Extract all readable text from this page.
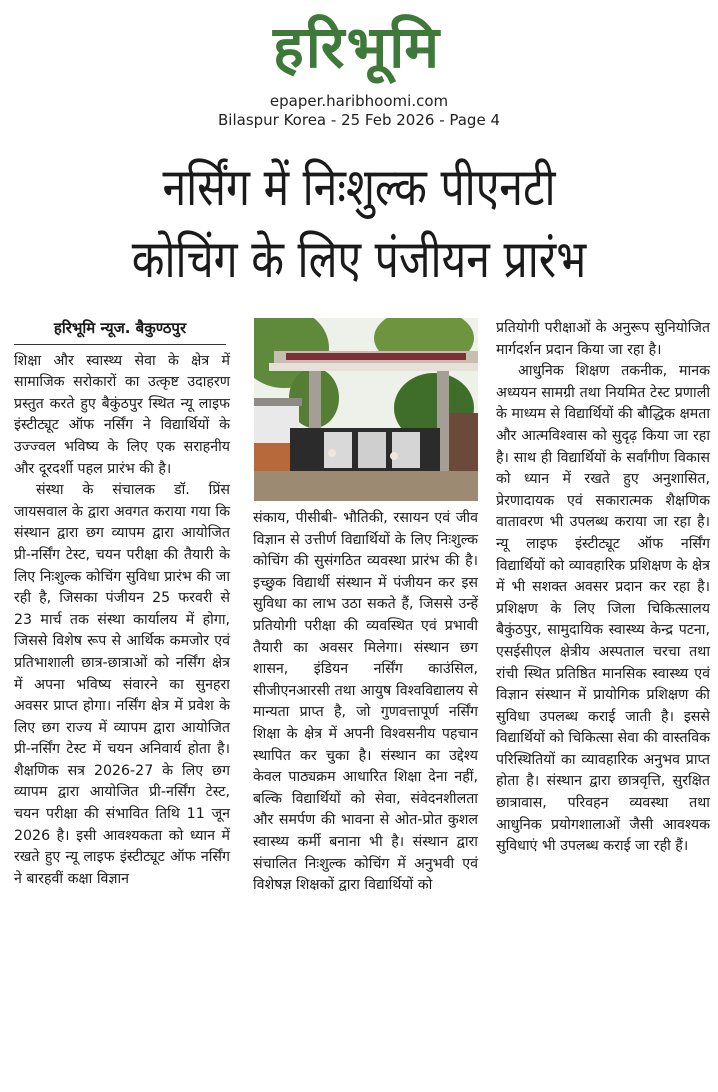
हरिभूमि
epaper.haribhoomi.com
Bilaspur Korea - 25 Feb 2026 - Page 4
नर्सिंग में निःशुल्क पीएनटी
कोचिंग के लिए पंजीयन प्रारंभ
हरिभूमि न्यूज. बैकुण्ठपुर

शिक्षा और स्वास्थ्य सेवा के क्षेत्र में सामाजिक सरोकारों का उत्कृष्ट उदाहरण प्रस्तुत करते हुए बैकुंठपुर स्थित न्यू लाइफ इंस्टीट्यूट ऑफ नर्सिंग ने विद्यार्थियों के उज्ज्वल भविष्य के लिए एक सराहनीय और दूरदर्शी पहल प्रारंभ की है।

संस्था के संचालक डॉ. प्रिंस जायसवाल के द्वारा अवगत कराया गया कि संस्थान द्वारा छग व्यापम द्वारा आयोजित प्री-नर्सिंग टेस्ट, चयन परीक्षा की तैयारी के लिए निःशुल्क कोचिंग सुविधा प्रारंभ की जा रही है, जिसका पंजीयन 25 फरवरी से 23 मार्च तक संस्था कार्यालय में होगा, जिससे विशेष रूप से आर्थिक कमजोर एवं प्रतिभाशाली छात्र-छात्राओं को नर्सिंग क्षेत्र में अपना भविष्य संवारने का सुनहरा अवसर प्राप्त होगा। नर्सिंग क्षेत्र में प्रवेश के लिए छग राज्य में व्यापम द्वारा आयोजित प्री-नर्सिंग टेस्ट में चयन अनिवार्य होता है। शैक्षणिक सत्र 2026-27 के लिए छग व्यापम द्वारा आयोजित प्री-नर्सिंग टेस्ट, चयन परीक्षा की संभावित तिथि 11 जून 2026 है। इसी आवश्यकता को ध्यान में रखते हुए न्यू लाइफ इंस्टीट्यूट ऑफ नर्सिंग ने बारहवीं कक्षा विज्ञान

संकाय, पीसीबी- भौतिकी, रसायन एवं जीव विज्ञान से उत्तीर्ण विद्यार्थियों के लिए निःशुल्क कोचिंग की सुसंगठित व्यवस्था प्रारंभ की है। इच्छुक विद्यार्थी संस्थान में पंजीयन कर इस सुविधा का लाभ उठा सकते हैं, जिससे उन्हें प्रतियोगी परीक्षा की व्यवस्थित एवं प्रभावी तैयारी का अवसर मिलेगा। संस्थान छग शासन, इंडियन नर्सिंग काउंसिल, सीजीएनआरसी तथा आयुष विश्वविद्यालय से मान्यता प्राप्त है, जो गुणवत्तापूर्ण नर्सिंग शिक्षा के क्षेत्र में अपनी विश्वसनीय पहचान स्थापित कर चुका है। संस्थान का उद्देश्य केवल पाठ्यक्रम आधारित शिक्षा देना नहीं, बल्कि विद्यार्थियों को सेवा, संवेदनशीलता और समर्पण की भावना से ओत-प्रोत कुशल स्वास्थ्य कर्मी बनाना भी है। संस्थान द्वारा संचालित निःशुल्क कोचिंग में अनुभवी एवं विशेषज्ञ शिक्षकों द्वारा विद्यार्थियों को

प्रतियोगी परीक्षाओं के अनुरूप सुनियोजित मार्गदर्शन प्रदान किया जा रहा है।

आधुनिक शिक्षण तकनीक, मानक अध्ययन सामग्री तथा नियमित टेस्ट प्रणाली के माध्यम से विद्यार्थियों की बौद्धिक क्षमता और आत्मविश्वास को सुदृढ़ किया जा रहा है। साथ ही विद्यार्थियों के सर्वांगीण विकास को ध्यान में रखते हुए अनुशासित, प्रेरणादायक एवं सकारात्मक शैक्षणिक वातावरण भी उपलब्ध कराया जा रहा है। न्यू लाइफ इंस्टीट्यूट ऑफ नर्सिंग विद्यार्थियों को व्यावहारिक प्रशिक्षण के क्षेत्र में भी सशक्त अवसर प्रदान कर रहा है। प्रशिक्षण के लिए जिला चिकित्सालय बैकुंठपुर, सामुदायिक स्वास्थ्य केन्द्र पटना, एसईसीएल क्षेत्रीय अस्पताल चरचा तथा रांची स्थित प्रतिष्ठित मानसिक स्वास्थ्य एवं विज्ञान संस्थान में प्रायोगिक प्रशिक्षण की सुविधा उपलब्ध कराई जाती है। इससे विद्यार्थियों को चिकित्सा सेवा की वास्तविक परिस्थितियों का व्यावहारिक अनुभव प्राप्त होता है। संस्थान द्वारा छात्रवृत्ति, सुरक्षित छात्रावास, परिवहन व्यवस्था तथा आधुनिक प्रयोगशालाओं जैसी आवश्यक सुविधाएं भी उपलब्ध कराई जा रही हैं।
